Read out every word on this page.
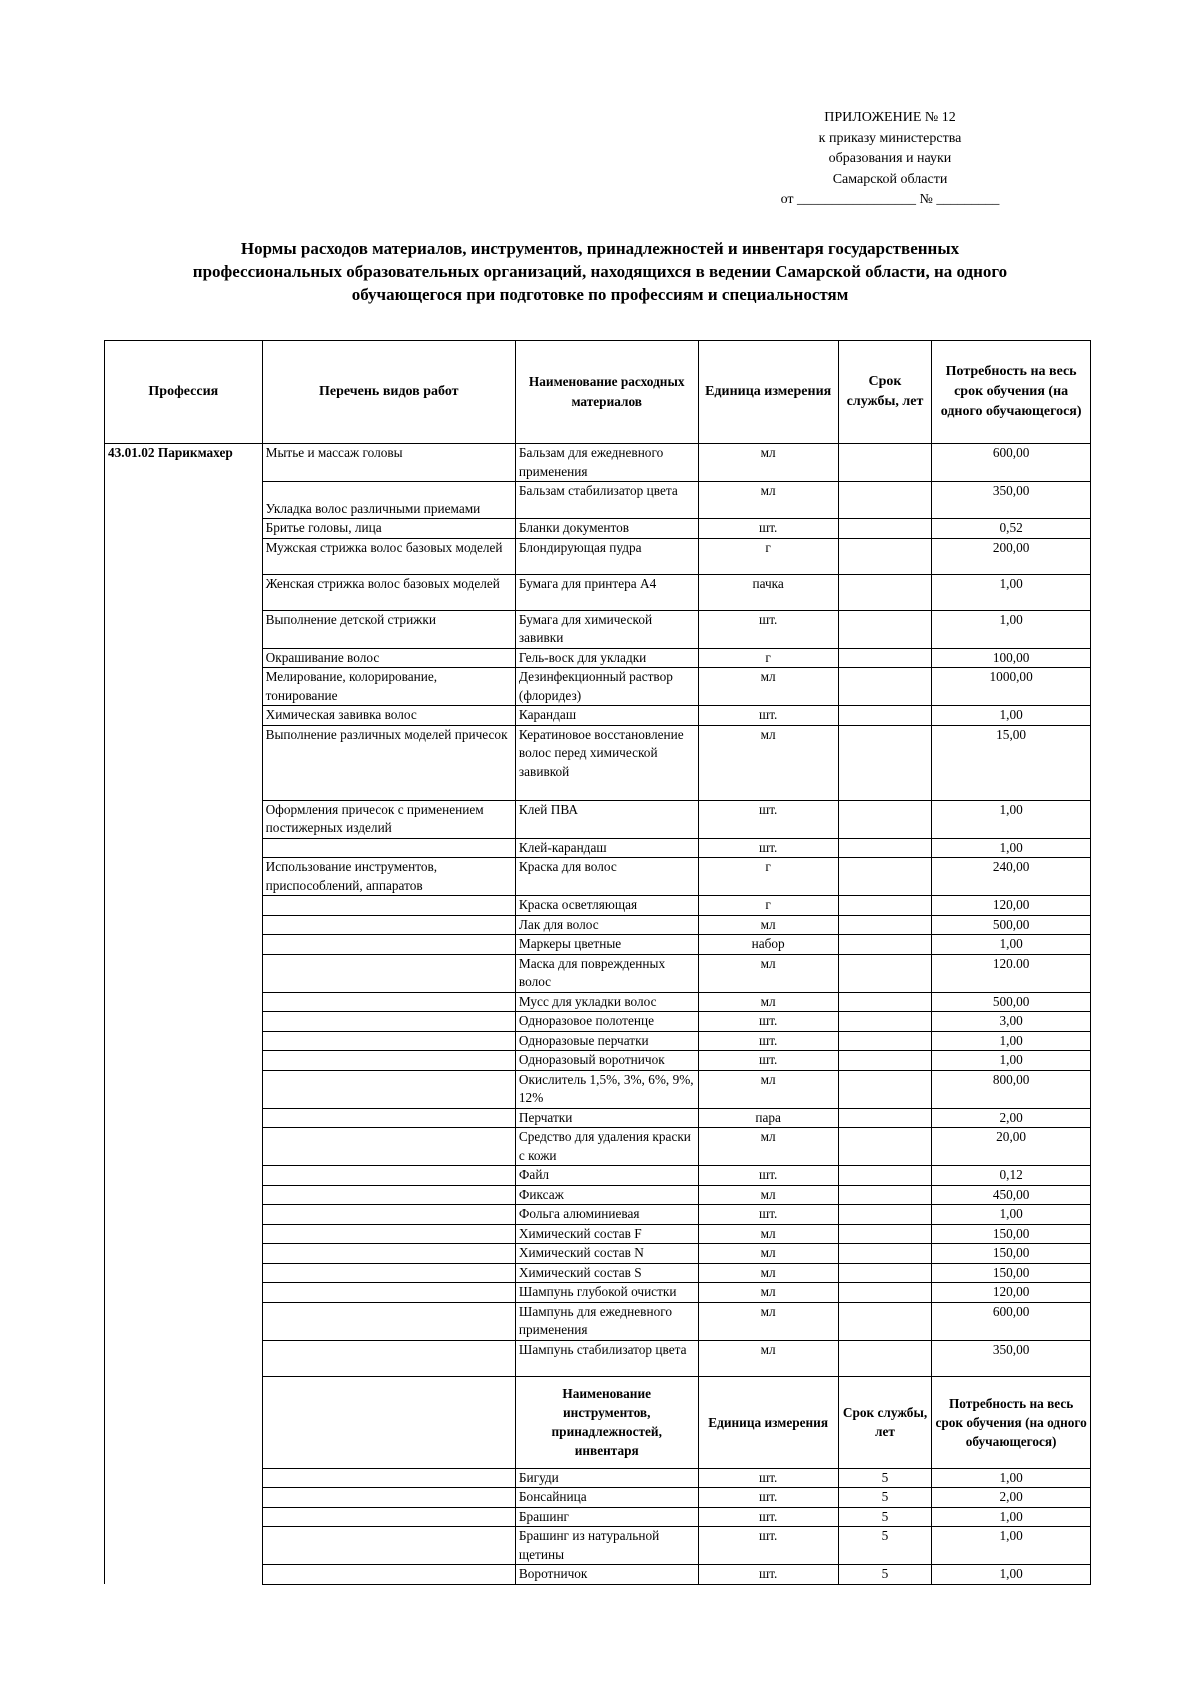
ПРИЛОЖЕНИЕ № 12
к приказу министерства
образования и науки
Самарской области
от _________________ № _________
Нормы расходов материалов, инструментов, принадлежностей и инвентаря государственных
профессиональных образовательных организаций, находящихся в ведении Самарской области, на одного
обучающегося при подготовке по профессиям и специальностям
Профессия	Перечень видов работ	Наименование расходных материалов	Единица измерения	Срок службы, лет	Потребность на весь срок обучения (на одного обучающегося)
43.01.02 Парикмахер	Мытье и массаж головы	Бальзам для ежедневного применения	мл		600,00
	Укладка волос различными приемами	Бальзам стабилизатор цвета	мл		350,00
	Бритье головы, лица	Бланки документов	шт.		0,52
	Мужская стрижка волос базовых моделей	Блондирующая пудра	г		200,00
	Женская стрижка волос базовых моделей	Бумага для принтера А4	пачка		1,00
	Выполнение детской стрижки	Бумага для химической завивки	шт.		1,00
	Окрашивание волос	Гель-воск для укладки	г		100,00
	Мелирование, колорирование, тонирование	Дезинфекционный раствор (флоридез)	мл		1000,00
	Химическая завивка волос	Карандаш	шт.		1,00
	Выполнение различных моделей причесок	Кератиновое восстановление волос перед химической завивкой	мл		15,00
	Оформления причесок с применением постижерных изделий	Клей ПВА	шт.		1,00
		Клей-карандаш	шт.		1,00
	Использование инструментов, приспособлений, аппаратов	Краска для волос	г		240,00
		Краска осветляющая	г		120,00
		Лак для волос	мл		500,00
		Маркеры цветные	набор		1,00
		Маска для поврежденных волос	мл		120.00
		Мусс для укладки волос	мл		500,00
		Одноразовое полотенце	шт.		3,00
		Одноразовые перчатки	шт.		1,00
		Одноразовый воротничок	шт.		1,00
		Окислитель 1,5%, 3%, 6%, 9%, 12%	мл		800,00
		Перчатки	пара		2,00
		Средство для удаления краски с кожи	мл		20,00
		Файл	шт.		0,12
		Фиксаж	мл		450,00
		Фольга алюминиевая	шт.		1,00
		Химический состав F	мл		150,00
		Химический состав N	мл		150,00
		Химический состав S	мл		150,00
		Шампунь глубокой очистки	мл		120,00
		Шампунь для ежедневного применения	мл		600,00
		Шампунь стабилизатор цвета	мл		350,00
		Наименование инструментов, принадлежностей, инвентаря	Единица измерения	Срок службы, лет	Потребность на весь срок обучения (на одного обучающегося)
		Бигуди	шт.	5	1,00
		Бонсайница	шт.	5	2,00
		Брашинг	шт.	5	1,00
		Брашинг из натуральной щетины	шт.	5	1,00
		Воротничок	шт.	5	1,00
